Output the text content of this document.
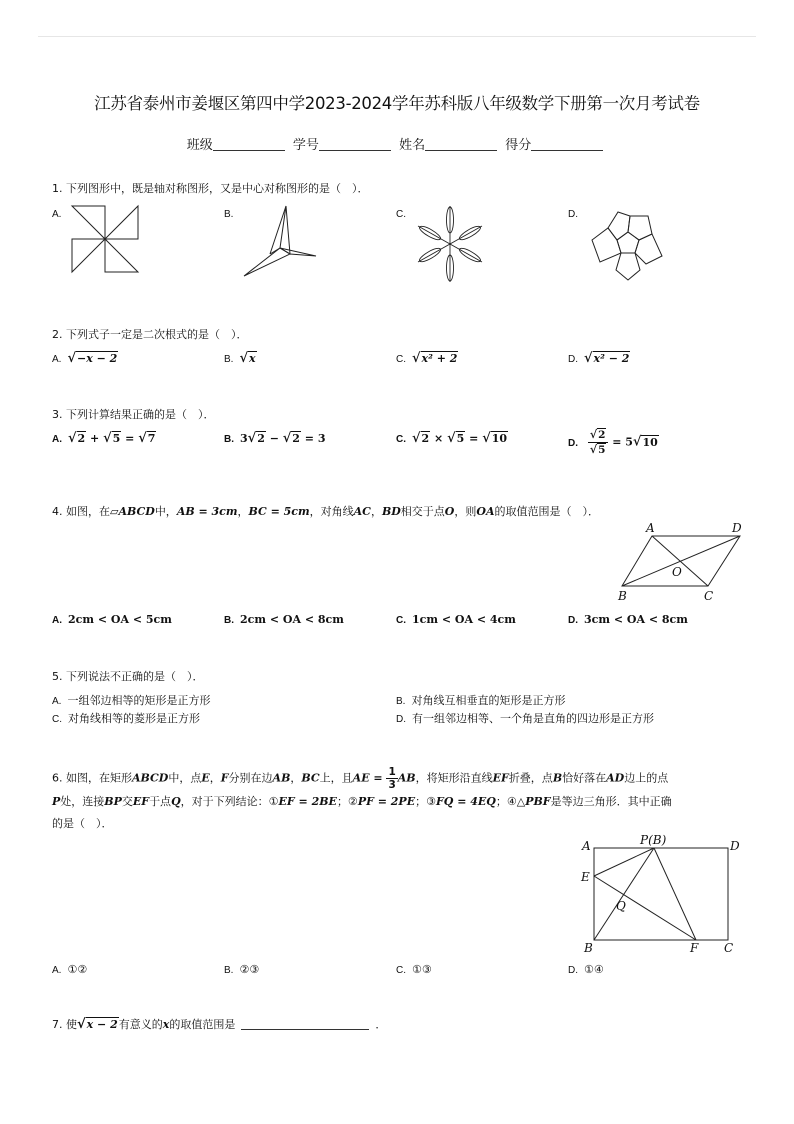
江苏省泰州市姜堰区第四中学2023-2024学年苏科版八年级数学下册第一次月考试卷
班级	学号	姓名	得分
1. 下列图形中，既是轴对称图形，又是中心对称图形的是（　）．
A.	B.	C.	D.
2. 下列式子一定是二次根式的是（　）．
A. √−x − 2	B. √x	C. √x² + 2	D. √x² − 2
3. 下列计算结果正确的是（　）．
A. √2 + √5 = √7	B. 3√2 − √2 = 3	C. √2 × √5 = √10	D. $\frac{√2}{√5} = 5√10$
4. 如图，在▱ABCD中，AB = 3cm，BC = 5cm，对角线AC，BD相交于点O，则OA的取值范围是（　）．
A	D
B	C
O
A. 2cm < OA < 5cm	B. 2cm < OA < 8cm	C. 1cm < OA < 4cm	D. 3cm < OA < 8cm
5. 下列说法不正确的是（　）．
A. 一组邻边相等的矩形是正方形	B. 对角线互相垂直的矩形是正方形
C. 对角线相等的菱形是正方形	D. 有一组邻边相等、一个角是直角的四边形是正方形
6. 如图，在矩形ABCD中，点E，F分别在边AB，BC上，且AE = $\frac{1}{3}$ AB，将矩形沿直线EF折叠，点B恰好落在AD边上的点
P处，连接BP交EF于点Q，对于下列结论：①EF = 2BE；②PF = 2PE；③FQ = 4EQ；④△PBF是等边三角形．其中正确
的是（　）．
A	P(B)	D
E
Q
B	F C
A. ①②	B. ②③	C. ①③	D. ①④
7. 使√x − 2有意义的x的取值范围是	．
